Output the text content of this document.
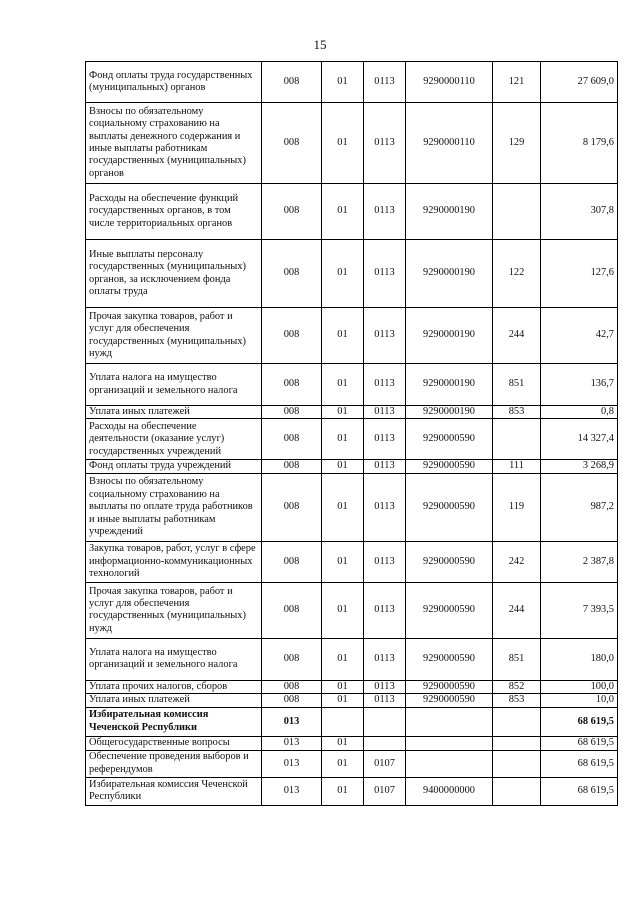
15
Фонд оплаты труда государственных (муниципальных) органов	008	01	0113	9290000110	121	27 609,0
Взносы по обязательному социальному страхованию на выплаты денежного содержания и иные выплаты работникам государственных (муниципальных) органов	008	01	0113	9290000110	129	8 179,6
Расходы на обеспечение функций государственных органов, в том числе территориальных органов	008	01	0113	9290000190		307,8
Иные выплаты персоналу государственных (муниципальных) органов, за исключением фонда оплаты труда	008	01	0113	9290000190	122	127,6
Прочая закупка товаров, работ и услуг для обеспечения государственных (муниципальных) нужд	008	01	0113	9290000190	244	42,7
Уплата налога на имущество организаций и земельного налога	008	01	0113	9290000190	851	136,7
Уплата иных платежей	008	01	0113	9290000190	853	0,8
Расходы на обеспечение деятельности (оказание услуг) государственных учреждений	008	01	0113	9290000590		14 327,4
Фонд оплаты труда учреждений	008	01	0113	9290000590	111	3 268,9
Взносы по обязательному социальному страхованию на выплаты по оплате труда работников и иные выплаты работникам учреждений	008	01	0113	9290000590	119	987,2
Закупка товаров, работ, услуг в сфере информационно-коммуникационных технологий	008	01	0113	9290000590	242	2 387,8
Прочая закупка товаров, работ и услуг для обеспечения государственных (муниципальных) нужд	008	01	0113	9290000590	244	7 393,5
Уплата налога на имущество организаций и земельного налога	008	01	0113	9290000590	851	180,0
Уплата прочих налогов, сборов	008	01	0113	9290000590	852	100,0
Уплата иных платежей	008	01	0113	9290000590	853	10,0
Избирательная комиссия Чеченской Республики	013					68 619,5
Общегосударственные вопросы	013	01				68 619,5
Обеспечение проведения выборов и референдумов	013	01	0107			68 619,5
Избирательная комиссия Чеченской Республики	013	01	0107	9400000000		68 619,5
